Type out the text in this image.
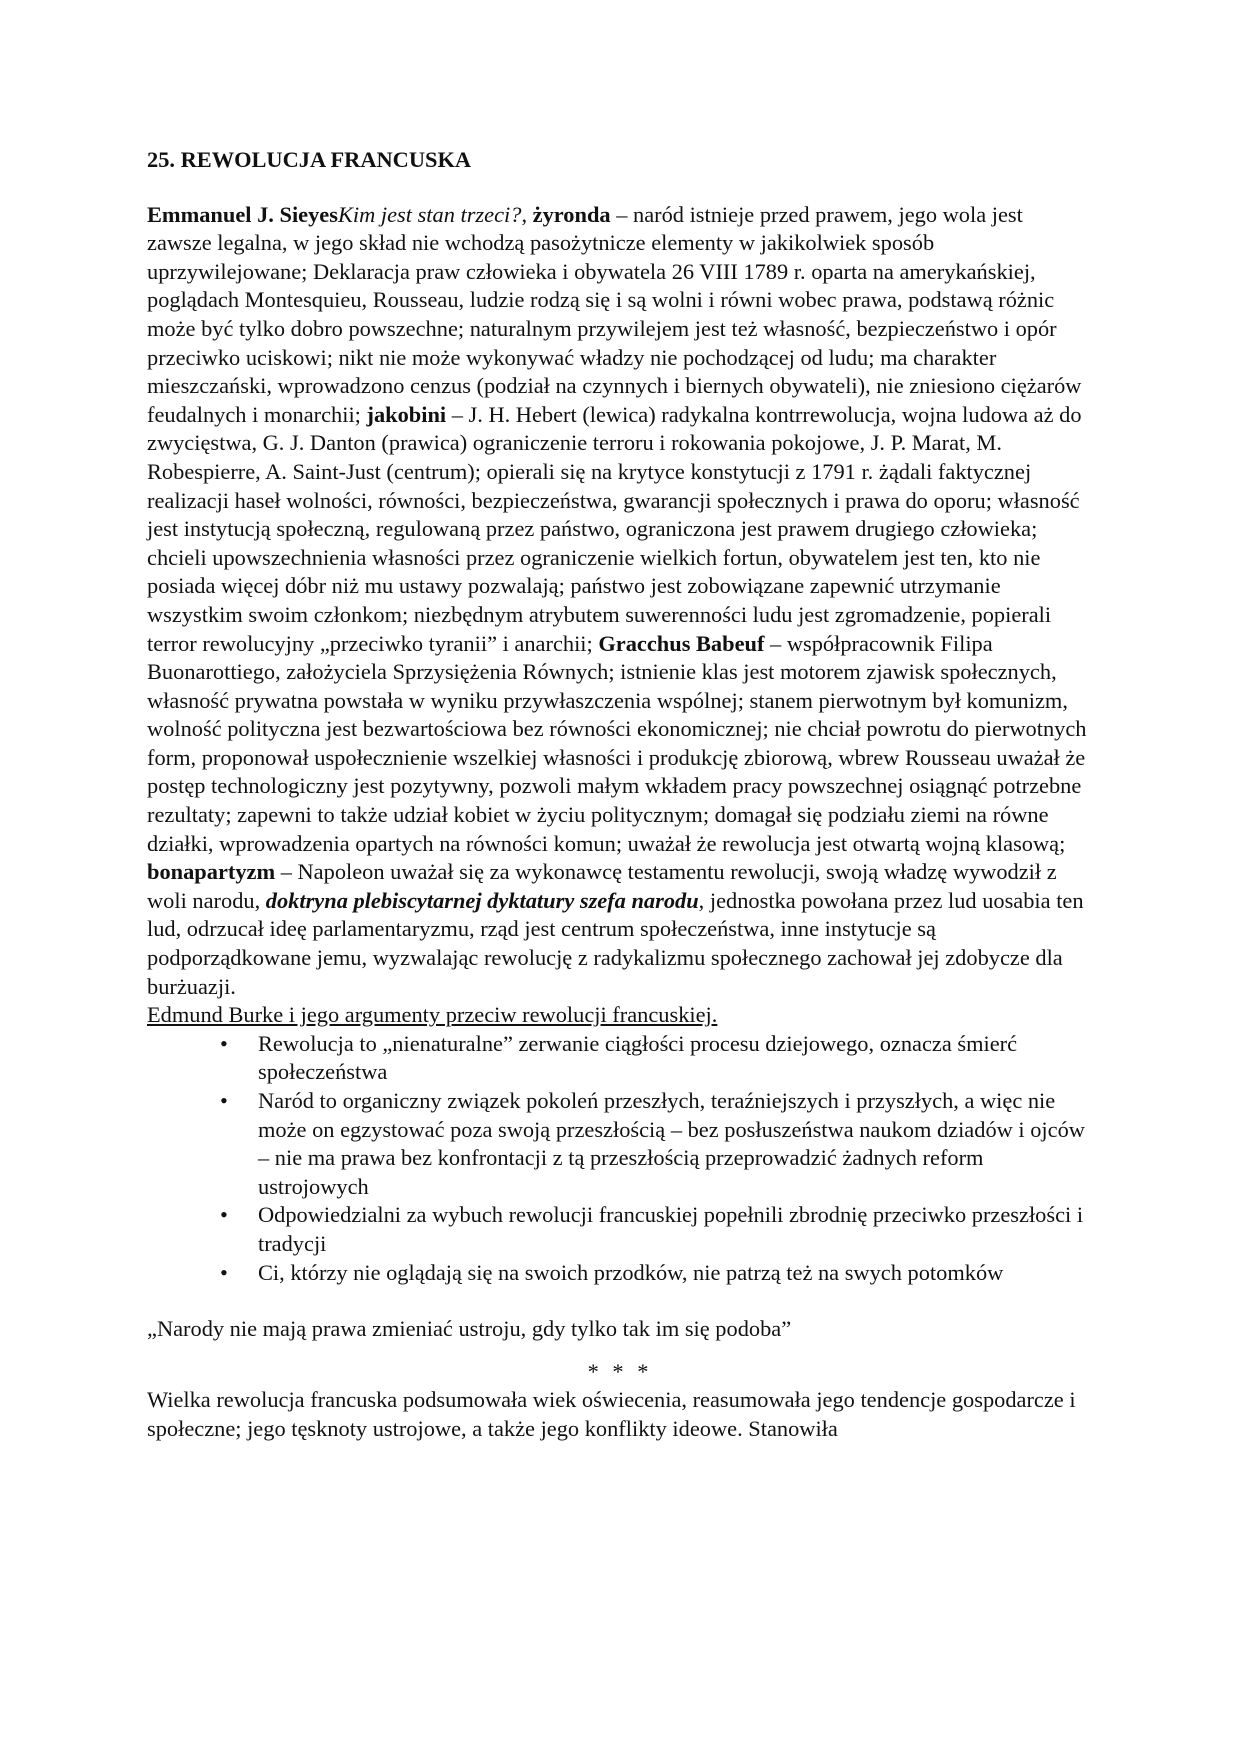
25. REWOLUCJA FRANCUSKA

Emmanuel J. SieyesKim jest stan trzeci?, żyronda – naród istnieje przed prawem, jego wola jest zawsze legalna, w jego skład nie wchodzą pasożytnicze elementy w jakikolwiek sposób uprzywilejowane; Deklaracja praw człowieka i obywatela 26 VIII 1789 r. oparta na amerykańskiej, poglądach Montesquieu, Rousseau, ludzie rodzą się i są wolni i równi wobec prawa, podstawą różnic może być tylko dobro powszechne; naturalnym przywilejem jest też własność, bezpieczeństwo i opór przeciwko uciskowi; nikt nie może wykonywać władzy nie pochodzącej od ludu; ma charakter mieszczański, wprowadzono cenzus (podział na czynnych i biernych obywateli), nie zniesiono ciężarów feudalnych i monarchii; jakobini – J. H. Hebert (lewica) radykalna kontrrewolucja, wojna ludowa aż do zwycięstwa, G. J. Danton (prawica) ograniczenie terroru i rokowania pokojowe, J. P. Marat, M. Robespierre, A. Saint-Just (centrum); opierali się na krytyce konstytucji z 1791 r. żądali faktycznej realizacji haseł wolności, równości, bezpieczeństwa, gwarancji społecznych i prawa do oporu; własność jest instytucją społeczną, regulowaną przez państwo, ograniczona jest prawem drugiego człowieka; chcieli upowszechnienia własności przez ograniczenie wielkich fortun, obywatelem jest ten, kto nie posiada więcej dóbr niż mu ustawy pozwalają; państwo jest zobowiązane zapewnić utrzymanie wszystkim swoim członkom; niezbędnym atrybutem suwerenności ludu jest zgromadzenie, popierali terror rewolucyjny „przeciwko tyranii” i anarchii; Gracchus Babeuf – współpracownik Filipa Buonarottiego, założyciela Sprzysiężenia Równych; istnienie klas jest motorem zjawisk społecznych, własność prywatna powstała w wyniku przywłaszczenia wspólnej; stanem pierwotnym był komunizm, wolność polityczna jest bezwartościowa bez równości ekonomicznej; nie chciał powrotu do pierwotnych form, proponował uspołecznienie wszelkiej własności i produkcję zbiorową, wbrew Rousseau uważał że postęp technologiczny jest pozytywny, pozwoli małym wkładem pracy powszechnej osiągnąć potrzebne rezultaty; zapewni to także udział kobiet w życiu politycznym; domagał się podziału ziemi na równe działki, wprowadzenia opartych na równości komun; uważał że rewolucja jest otwartą wojną klasową; bonapartyzm – Napoleon uważał się za wykonawcę testamentu rewolucji, swoją władzę wywodził z woli narodu, doktryna plebiscytarnej dyktatury szefa narodu, jednostka powołana przez lud uosabia ten lud, odrzucał ideę parlamentaryzmu, rząd jest centrum społeczeństwa, inne instytucje są podporządkowane jemu, wyzwalając rewolucję z radykalizmu społecznego zachował jej zdobycze dla burżuazji.

Edmund Burke i jego argumenty przeciw rewolucji francuskiej.

• Rewolucja to „nienaturalne” zerwanie ciągłości procesu dziejowego, oznacza śmierć społeczeństwa
• Naród to organiczny związek pokoleń przeszłych, teraźniejszych i przyszłych, a więc nie może on egzystować poza swoją przeszłością – bez posłuszeństwa naukom dziadów i ojców – nie ma prawa bez konfrontacji z tą przeszłością przeprowadzić żadnych reform ustrojowych
• Odpowiedzialni za wybuch rewolucji francuskiej popełnili zbrodnię przeciwko przeszłości i tradycji
• Ci, którzy nie oglądają się na swoich przodków, nie patrzą też na swych potomków

„Narody nie mają prawa zmieniać ustroju, gdy tylko tak im się podoba”

* * *

Wielka rewolucja francuska podsumowała wiek oświecenia, reasumowała jego tendencje gospodarcze i społeczne; jego tęsknoty ustrojowe, a także jego konflikty ideowe. Stanowiła
